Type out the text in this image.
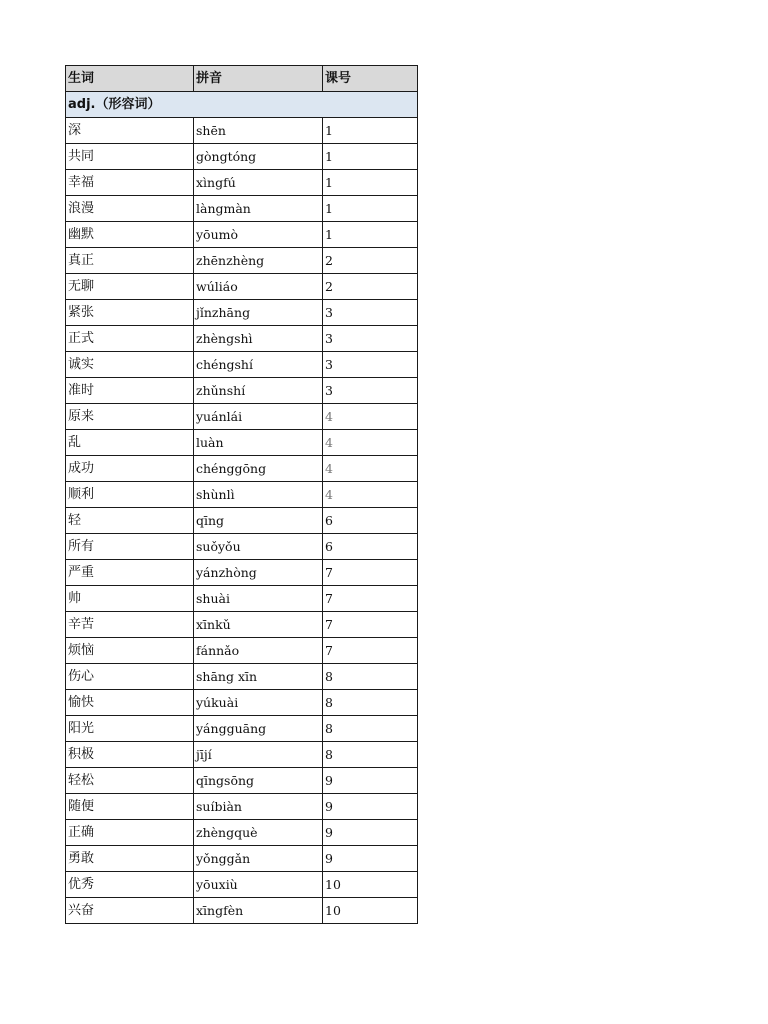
生词	拼音	课号
adj.（形容词）		
深	shēn	1
共同	gòngtóng	1
幸福	xìngfú	1
浪漫	làngmàn	1
幽默	yōumò	1
真正	zhēnzhèng	2
无聊	wúliáo	2
紧张	jǐnzhāng	3
正式	zhèngshì	3
诚实	chéngshí	3
准时	zhǔnshí	3
原来	yuánlái	4
乱	luàn	4
成功	chénggōng	4
顺利	shùnlì	4
轻	qīng	6
所有	suǒyǒu	6
严重	yánzhòng	7
帅	shuài	7
辛苦	xīnkǔ	7
烦恼	fánnǎo	7
伤心	shāng xīn	8
愉快	yúkuài	8
阳光	yángguāng	8
积极	jījí	8
轻松	qīngsōng	9
随便	suíbiàn	9
正确	zhèngquè	9
勇敢	yǒnggǎn	9
优秀	yōuxiù	10
兴奋	xīngfèn	10
